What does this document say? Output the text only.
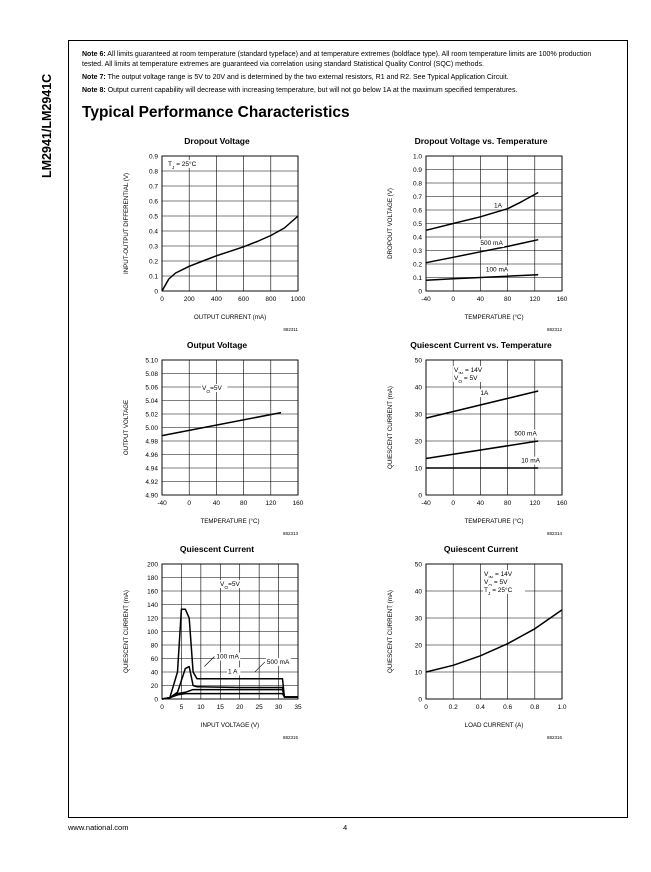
LM2941/LM2941C

Note 6: All limits guaranteed at room temperature (standard typeface) and at temperature extremes (boldface type). All room temperature limits are 100% production tested. All limits at temperature extremes are guaranteed via correlation using standard Statistical Quality Control (SQC) methods.

Note 7: The output voltage range is 5V to 20V and is determined by the two external resistors, R1 and R2. See Typical Application Circuit.

Note 8: Output current capability will decrease with increasing temperature, but will not go below 1A at the maximum specified temperatures.

Typical Performance Characteristics
Dropout Voltage
0
0.1
0.2
0.3
0.4
0.5
0.6
0.7
0.8
0.9
0	200	400	600	800 1000
OUTPUT CURRENT (mA)
INPUT-OUTPUT DIFFERENTIAL (V)
882311
$T_J = 25^\circ C$
Dropout Voltage vs. Temperature
0
0.1
0.2
0.3
0.4
0.5
0.6
0.7
0.8
0.9
1.0
-40	0	40	80	120	160
TEMPERATURE (°C)
DROPOUT VOLTAGE (V)
882312
1A
500 mA
100 mA
Output Voltage
4.90
4.92
4.94
4.96
4.98
5.00
5.02
5.04
5.06
5.08
5.10
-40	0	40	80	120	160
TEMPERATURE (°C)
OUTPUT VOLTAGE
882313
$V_O=5V$
Quiescent Current vs. Temperature
0
10
20
30
40
50
-40	0	40	80	120	160
TEMPERATURE (°C)
QUIESCENT CURRENT (mA)
882314
1A
500 mA
10 mA
V = 14V
$V_O = 5V$
Quiescent Current
0
20
40
60
80
100
120
140
160
180
200
0 5 10 15 20 25 30 35
INPUT VOLTAGE (V)
QUIESCENT CURRENT (mA)
882315
100 mA
1 A
500 mA
$V_O=5V$
Quiescent Current
0
10
20
30
40
50
0	0.2	0.4	0.6	0.8	1.0
LOAD CURRENT (A)
QUIESCENT CURRENT (mA)
882316
V = 14V
V = 5V
$T_J = 25^\circ C$
www.national.com	4
